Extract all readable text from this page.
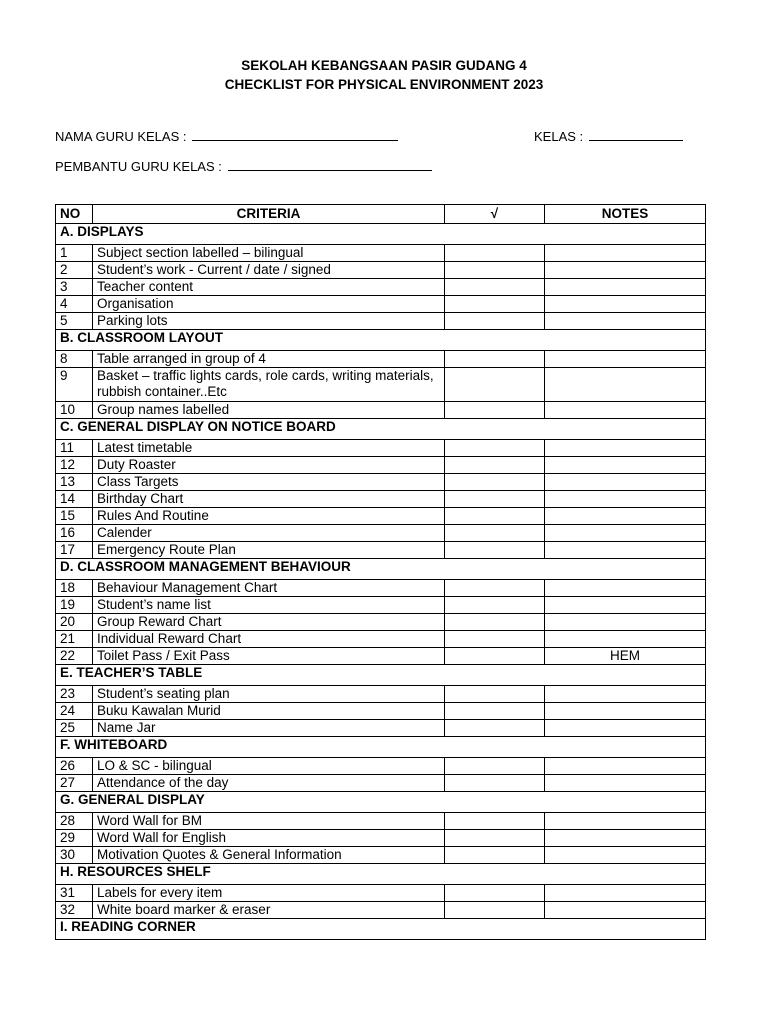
SEKOLAH KEBANGSAAN PASIR GUDANG 4
CHECKLIST FOR PHYSICAL ENVIRONMENT 2023
NAMA GURU KELAS :	KELAS :
PEMBANTU GURU KELAS :
NO	CRITERIA	√	NOTES
A. DISPLAYS			
1	Subject section labelled – bilingual		
2	Student’s work - Current / date / signed		
3	Teacher content		
4	Organisation		
5	Parking lots		
B. CLASSROOM LAYOUT			
8	Table arranged in group of 4		
9	Basket – traffic lights cards, role cards, writing materials, rubbish container..Etc		
10	Group names labelled		
C. GENERAL DISPLAY ON NOTICE BOARD			
11	Latest timetable		
12	Duty Roaster		
13	Class Targets		
14	Birthday Chart		
15	Rules And Routine		
16	Calender		
17	Emergency Route Plan		
D. CLASSROOM MANAGEMENT BEHAVIOUR			
18	Behaviour Management Chart		
19	Student’s name list		
20	Group Reward Chart		
21	Individual Reward Chart		
22	Toilet Pass / Exit Pass		HEM
E. TEACHER’S TABLE			
23	Student’s seating plan		
24	Buku Kawalan Murid		
25	Name Jar		
F. WHITEBOARD			
26	LO & SC - bilingual		
27	Attendance of the day		
G. GENERAL DISPLAY			
28	Word Wall for BM		
29	Word Wall for English		
30	Motivation Quotes & General Information		
H. RESOURCES SHELF			
31	Labels for every item		
32	White board marker & eraser		
I. READING CORNER			
